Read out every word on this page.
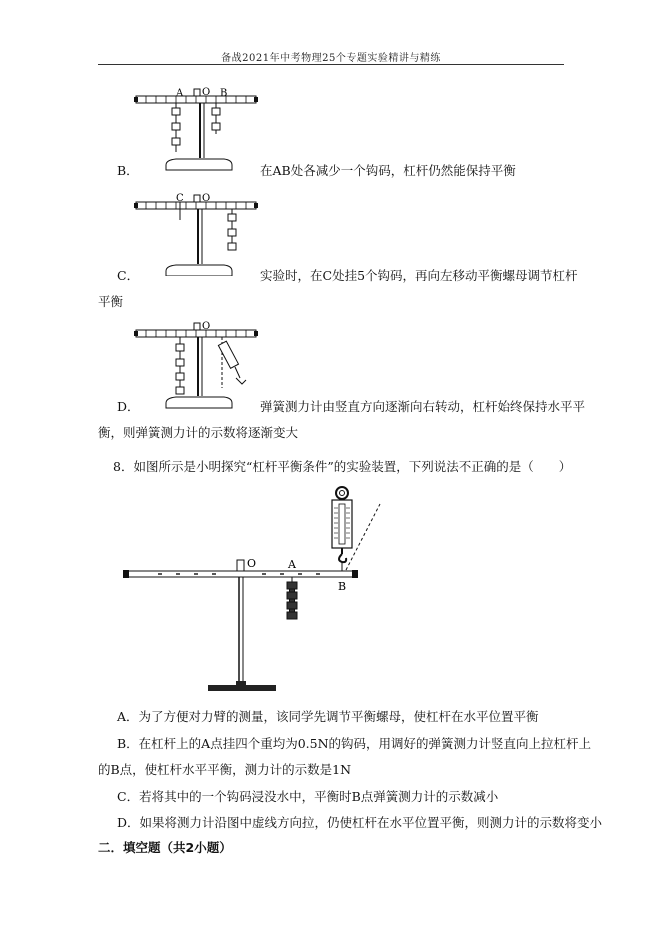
备战2021年中考物理25个专题实验精讲与精练
A O B
B．	在AB处各减少一个钩码，杠杆仍然能保持平衡
C O
C．	实验时，在C处挂5个钩码，再向左移动平衡螺母调节杠杆
平衡
O
D．	弹簧测力计由竖直方向逐渐向右转动，杠杆始终保持水平平
衡，则弹簧测力计的示数将逐渐变大
8．如图所示是小明探究“杠杆平衡条件”的实验装置，下列说法不正确的是（　　）
O	A
B
A．为了方便对力臂的测量，该同学先调节平衡螺母，使杠杆在水平位置平衡
B．在杠杆上的A点挂四个重均为0.5N的钩码，用调好的弹簧测力计竖直向上拉杠杆上
的B点，使杠杆水平平衡，测力计的示数是1N
C．若将其中的一个钩码浸没水中，平衡时B点弹簧测力计的示数减小
D．如果将测力计沿图中虚线方向拉，仍使杠杆在水平位置平衡，则测力计的示数将变小
二．填空题（共2小题）
